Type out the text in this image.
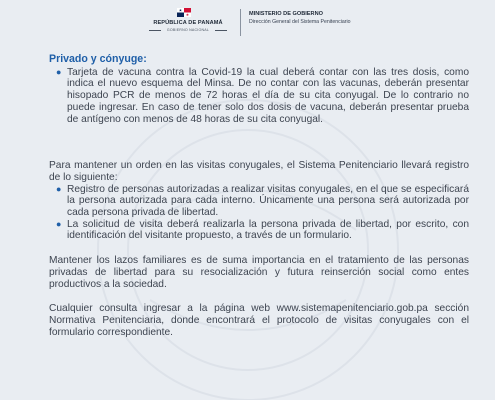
★
★
REPÚBLICA DE PANAMÁ
GOBIERNO NACIONAL
MINISTERIO DE GOBIERNO
Dirección General del Sistema Penitenciario
Privado y cónyuge:
● Tarjeta de vacuna contra la Covid-19 la cual deberá contar con las tres dosis, como indica el nuevo esquema del Minsa. De no contar con las vacunas, deberán presentar hisopado PCR de menos de 72 horas el día de su cita conyugal. De lo contrario no puede ingresar. En caso de tener solo dos dosis de vacuna, deberán presentar prueba de antígeno con menos de 48 horas de su cita conyugal.

Para mantener un orden en las visitas conyugales, el Sistema Penitenciario llevará registro de lo siguiente:

● Registro de personas autorizadas a realizar visitas conyugales, en el que se especificará la persona autorizada para cada interno. Únicamente una persona será autorizada por cada persona privada de libertad.
● La solicitud de visita deberá realizarla la persona privada de libertad, por escrito, con identificación del visitante propuesto, a través de un formulario.

Mantener los lazos familiares es de suma importancia en el tratamiento de las personas privadas de libertad para su resocialización y futura reinserción social como entes productivos a la sociedad.

Cualquier consulta ingresar a la página web www.sistemapenitenciario.gob.pa sección Normativa Penitenciaria, donde encontrará el protocolo de visitas conyugales con el formulario correspondiente.
